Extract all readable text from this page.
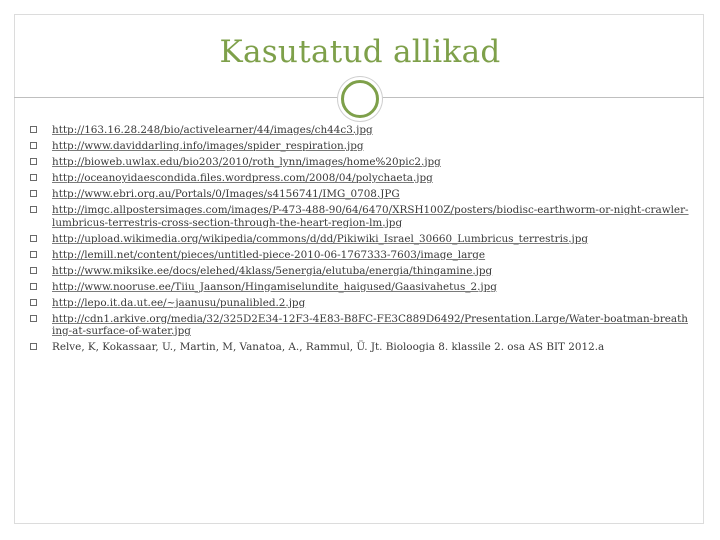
Kasutatud allikad
http://163.16.28.248/bio/activelearner/44/images/ch44c3.jpg
http://www.daviddarling.info/images/spider_respiration.jpg
http://bioweb.uwlax.edu/bio203/2010/roth_lynn/images/home%20pic2.jpg
http://oceanoyidaescondida.files.wordpress.com/2008/04/polychaeta.jpg
http://www.ebri.org.au/Portals/0/Images/s4156741/IMG_0708.JPG
http://imgc.allpostersimages.com/images/P-473-488-90/64/6470/XRSH100Z/posters/biodisc-earthworm-or-night-crawler-lumbricus-terrestris-cross-section-through-the-heart-region-lm.jpg
http://upload.wikimedia.org/wikipedia/commons/d/dd/Pikiwiki_Israel_30660_Lumbricus_terrestris.jpg
http://lemill.net/content/pieces/untitled-piece-2010-06-1767333-7603/image_large
http://www.miksike.ee/docs/elehed/4klass/5energia/elutuba/energia/thingamine.jpg
http://www.nooruse.ee/Tiiu_Jaanson/Hingamiselundite_haigused/Gaasivahetus_2.jpg
http://lepo.it.da.ut.ee/~jaanusu/punalibled.2.jpg
http://cdn1.arkive.org/media/32/325D2E34-12F3-4E83-B8FC-FE3C889D6492/Presentation.Large/Water-boatman-breathing-at-surface-of-water.jpg
Relve, K, Kokassaar, U., Martin, M, Vanatoa, A., Rammul, Ü. Jt. Bioloogia 8. klassile 2. osa AS BIT 2012.a
